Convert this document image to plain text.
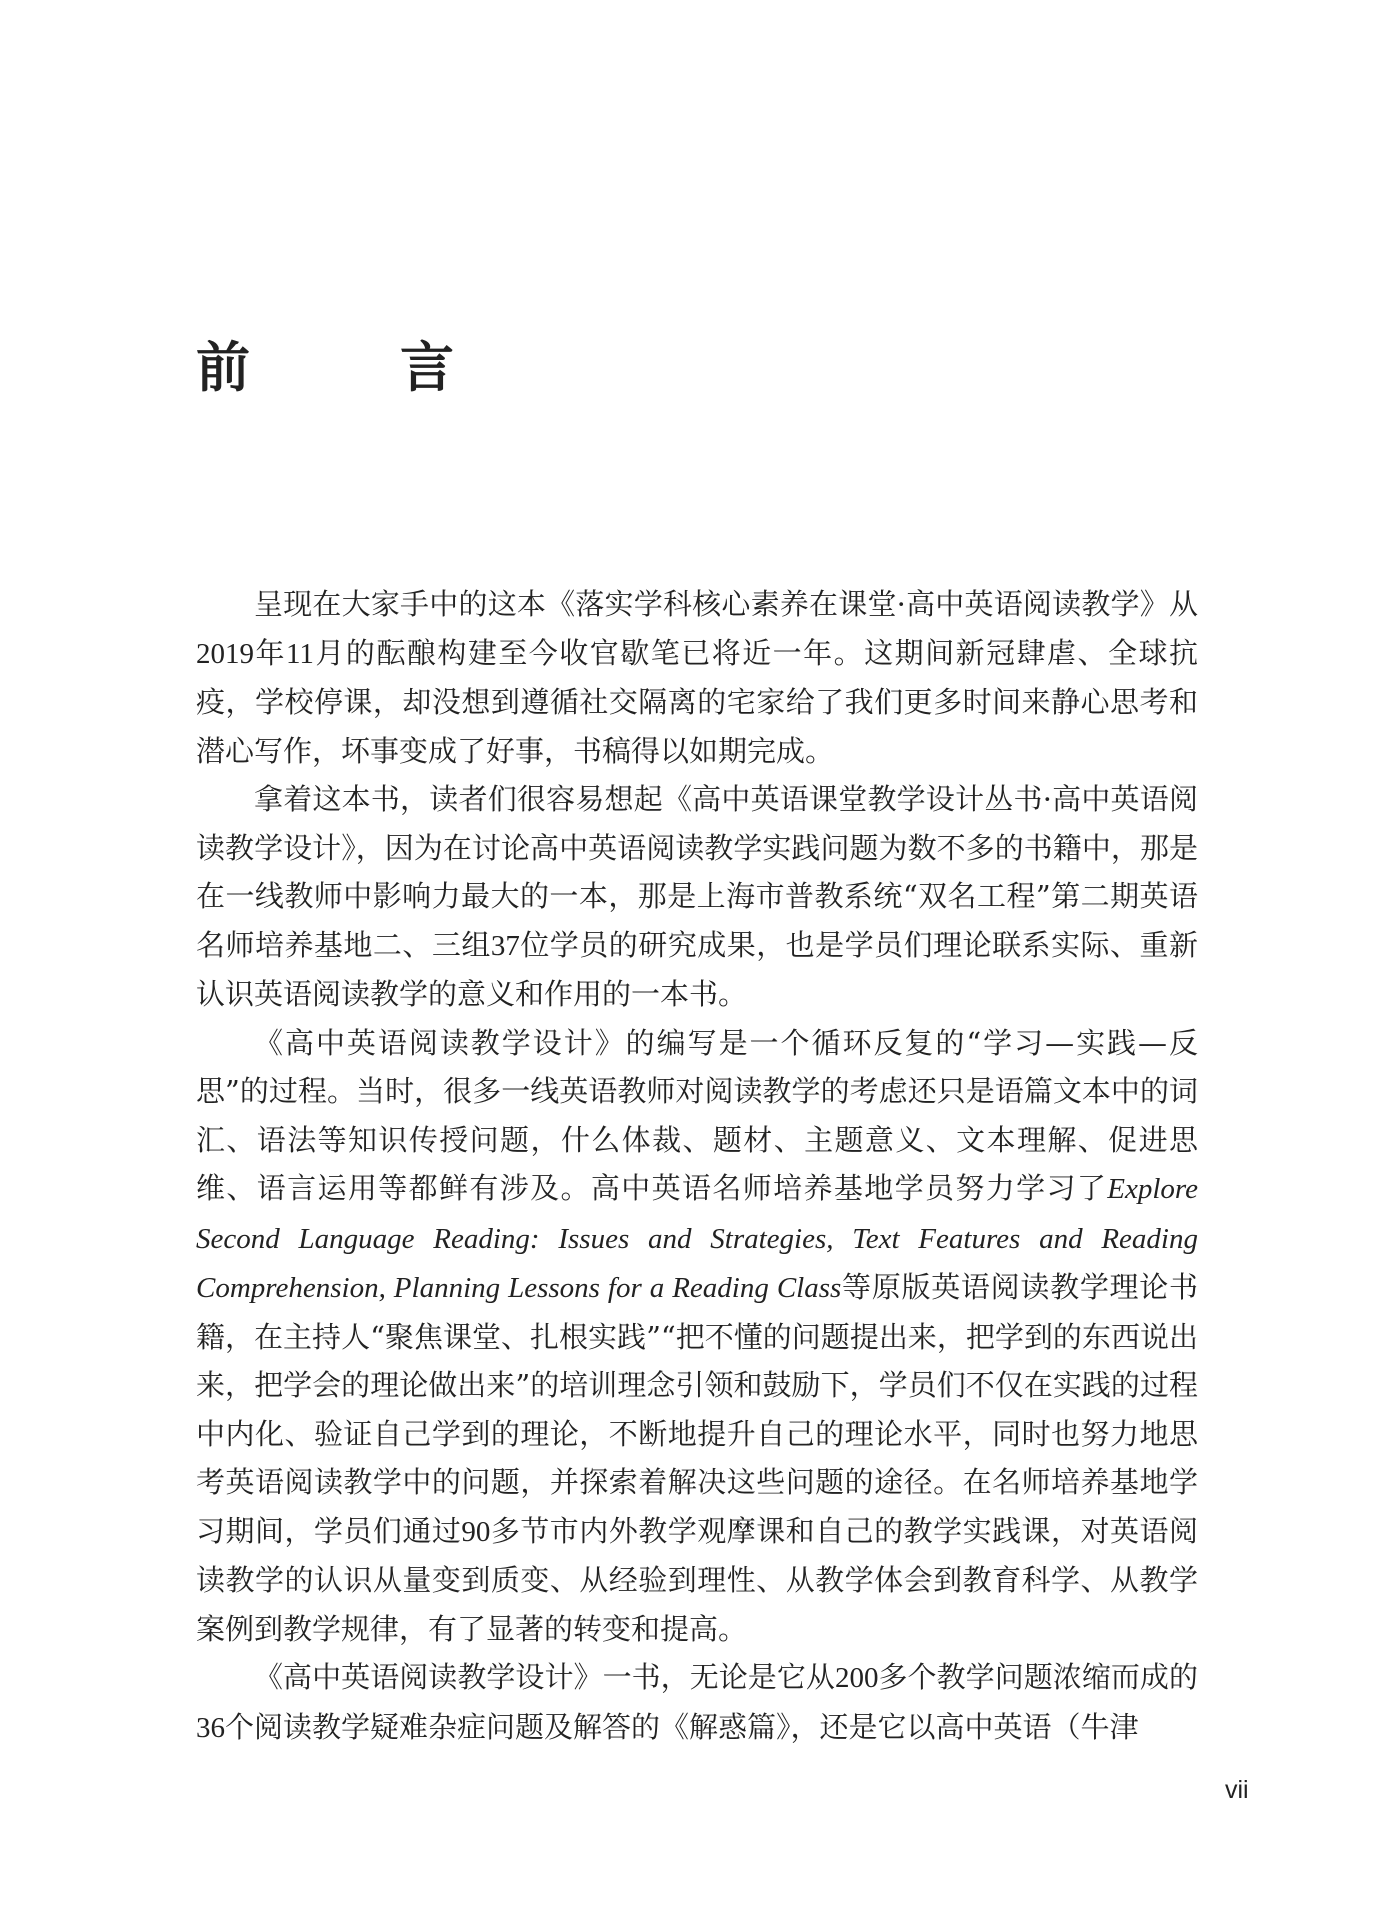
前　言

呈现在大家手中的这本《落实学科核心素养在课堂·高中英语阅读教学》从2019年11月的酝酿构建至今收官歇笔已将近一年。这期间新冠肆虐、全球抗疫，学校停课，却没想到遵循社交隔离的宅家给了我们更多时间来静心思考和潜心写作，坏事变成了好事，书稿得以如期完成。

拿着这本书，读者们很容易想起《高中英语课堂教学设计丛书·高中英语阅读教学设计》，因为在讨论高中英语阅读教学实践问题为数不多的书籍中，那是在一线教师中影响力最大的一本，那是上海市普教系统“双名工程”第二期英语名师培养基地二、三组37位学员的研究成果，也是学员们理论联系实际、重新认识英语阅读教学的意义和作用的一本书。

《高中英语阅读教学设计》的编写是一个循环反复的“学习—实践—反思”的过程。当时，很多一线英语教师对阅读教学的考虑还只是语篇文本中的词汇、语法等知识传授问题，什么体裁、题材、主题意义、文本理解、促进思维、语言运用等都鲜有涉及。高中英语名师培养基地学员努力学习了Explore Second Language Reading: Issues and Strategies, Text Features and Reading Comprehension, Planning Lessons for a Reading Class等原版英语阅读教学理论书籍，在主持人“聚焦课堂、扎根实践”“把不懂的问题提出来，把学到的东西说出来，把学会的理论做出来”的培训理念引领和鼓励下，学员们不仅在实践的过程中内化、验证自己学到的理论，不断地提升自己的理论水平，同时也努力地思考英语阅读教学中的问题，并探索着解决这些问题的途径。在名师培养基地学习期间，学员们通过90多节市内外教学观摩课和自己的教学实践课，对英语阅读教学的认识从量变到质变、从经验到理性、从教学体会到教育科学、从教学案例到教学规律，有了显著的转变和提高。

《高中英语阅读教学设计》一书，无论是它从200多个教学问题浓缩而成的36个阅读教学疑难杂症问题及解答的《解惑篇》，还是它以高中英语（牛津

vii
